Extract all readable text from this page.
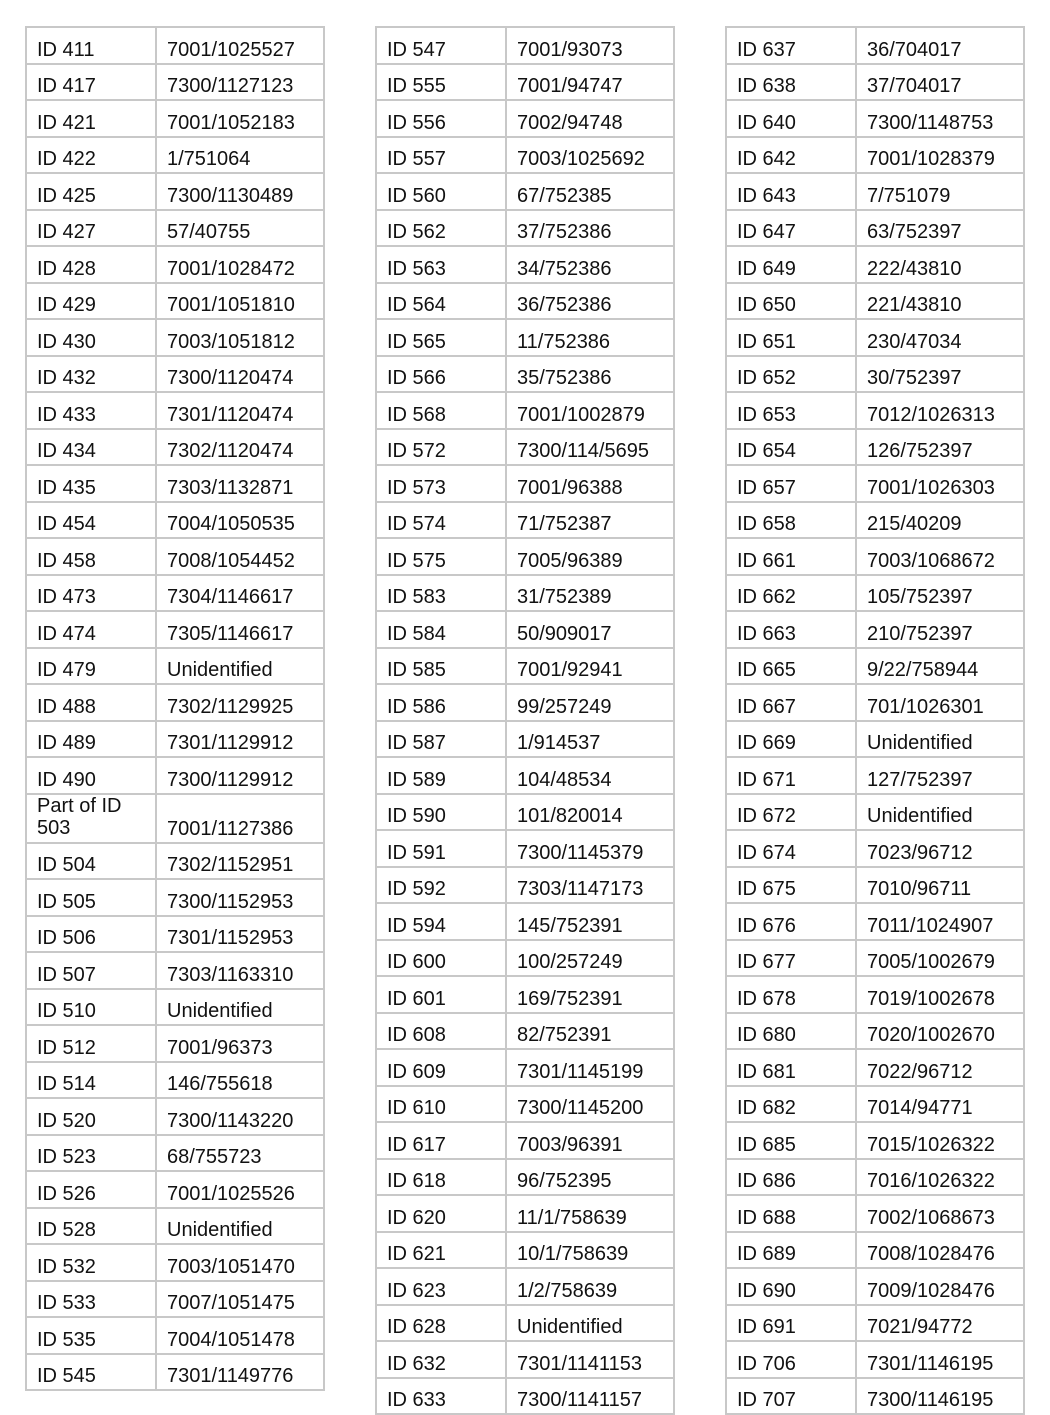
ID 411	7001/1025527
ID 417	7300/1127123
ID 421	7001/1052183
ID 422	1/751064
ID 425	7300/1130489
ID 427	57/40755
ID 428	7001/1028472
ID 429	7001/1051810
ID 430	7003/1051812
ID 432	7300/1120474
ID 433	7301/1120474
ID 434	7302/1120474
ID 435	7303/1132871
ID 454	7004/1050535
ID 458	7008/1054452
ID 473	7304/1146617
ID 474	7305/1146617
ID 479	Unidentified
ID 488	7302/1129925
ID 489	7301/1129912
ID 490	7300/1129912

Part of ID 503	7001/1127386
ID 504	7302/1152951
ID 505	7300/1152953
ID 506	7301/1152953
ID 507	7303/1163310
ID 510	Unidentified
ID 512	7001/96373
ID 514	146/755618
ID 520	7300/1143220
ID 523	68/755723
ID 526	7001/1025526
ID 528	Unidentified
ID 532	7003/1051470
ID 533	7007/1051475
ID 535	7004/1051478
ID 545	7301/1149776
ID 547	7001/93073
ID 555	7001/94747
ID 556	7002/94748
ID 557	7003/1025692
ID 560	67/752385
ID 562	37/752386
ID 563	34/752386
ID 564	36/752386
ID 565	11/752386
ID 566	35/752386
ID 568	7001/1002879
ID 572	7300/114/5695
ID 573	7001/96388
ID 574	71/752387
ID 575	7005/96389
ID 583	31/752389
ID 584	50/909017
ID 585	7001/92941
ID 586	99/257249
ID 587	1/914537
ID 589	104/48534
ID 590	101/820014
ID 591	7300/1145379
ID 592	7303/1147173
ID 594	145/752391
ID 600	100/257249
ID 601	169/752391
ID 608	82/752391
ID 609	7301/1145199
ID 610	7300/1145200
ID 617	7003/96391
ID 618	96/752395
ID 620	11/1/758639
ID 621	10/1/758639
ID 623	1/2/758639
ID 628	Unidentified
ID 632	7301/1141153
ID 633	7300/1141157
ID 637	36/704017
ID 638	37/704017
ID 640	7300/1148753
ID 642	7001/1028379
ID 643	7/751079
ID 647	63/752397
ID 649	222/43810
ID 650	221/43810
ID 651	230/47034
ID 652	30/752397
ID 653	7012/1026313
ID 654	126/752397
ID 657	7001/1026303
ID 658	215/40209
ID 661	7003/1068672
ID 662	105/752397
ID 663	210/752397
ID 665	9/22/758944
ID 667	701/1026301
ID 669	Unidentified
ID 671	127/752397
ID 672	Unidentified
ID 674	7023/96712
ID 675	7010/96711
ID 676	7011/1024907
ID 677	7005/1002679
ID 678	7019/1002678
ID 680	7020/1002670
ID 681	7022/96712
ID 682	7014/94771
ID 685	7015/1026322
ID 686	7016/1026322
ID 688	7002/1068673
ID 689	7008/1028476
ID 690	7009/1028476
ID 691	7021/94772
ID 706	7301/1146195
ID 707	7300/1146195
